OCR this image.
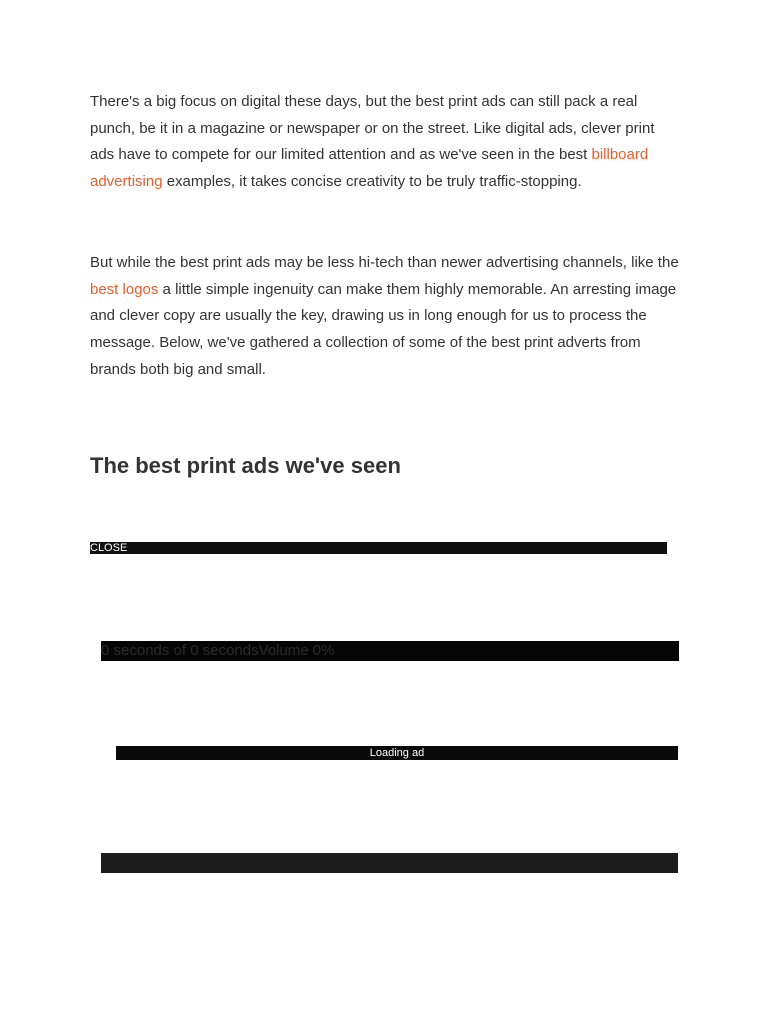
There's a big focus on digital these days, but the best print ads can still pack a real punch, be it in a magazine or newspaper or on the street. Like digital ads, clever print ads have to compete for our limited attention and as we've seen in the best billboard advertising examples, it takes concise creativity to be truly traffic-stopping.

But while the best print ads may be less hi-tech than newer advertising channels, like the best logos a little simple ingenuity can make them highly memorable. An arresting image and clever copy are usually the key, drawing us in long enough for us to process the message. Below, we've gathered a collection of some of the best print adverts from brands both big and small.

The best print ads we've seen
CLOSE
0 seconds of 0 secondsVolume 0%
Loading ad
